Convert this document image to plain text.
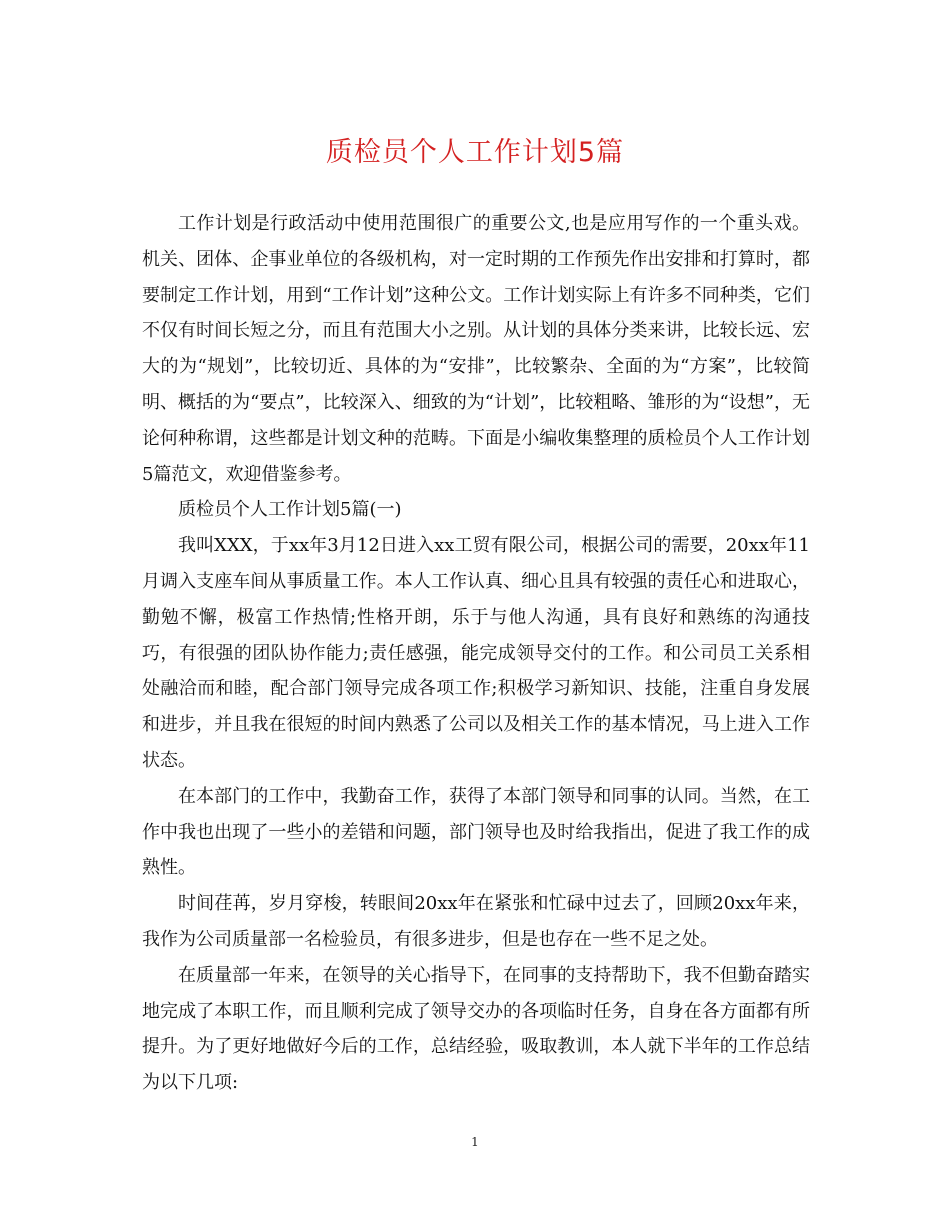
质检员个人工作计划5篇

工作计划是行政活动中使用范围很广的重要公文,也是应用写作的一个重头戏。机关、团体、企事业单位的各级机构，对一定时期的工作预先作出安排和打算时，都要制定工作计划，用到“工作计划”这种公文。工作计划实际上有许多不同种类，它们不仅有时间长短之分，而且有范围大小之别。从计划的具体分类来讲，比较长远、宏大的为“规划”，比较切近、具体的为“安排”，比较繁杂、全面的为“方案”，比较简明、概括的为“要点”，比较深入、细致的为“计划”，比较粗略、雏形的为“设想”，无论何种称谓，这些都是计划文种的范畴。下面是小编收集整理的质检员个人工作计划5篇范文，欢迎借鉴参考。

质检员个人工作计划5篇(一)

我叫XXX，于xx年3月12日进入xx工贸有限公司，根据公司的需要，20xx年11月调入支座车间从事质量工作。本人工作认真、细心且具有较强的责任心和进取心，勤勉不懈，极富工作热情;性格开朗，乐于与他人沟通，具有良好和熟练的沟通技巧，有很强的团队协作能力;责任感强，能完成领导交付的工作。和公司员工关系相处融洽而和睦，配合部门领导完成各项工作;积极学习新知识、技能，注重自身发展和进步，并且我在很短的时间内熟悉了公司以及相关工作的基本情况，马上进入工作状态。

在本部门的工作中，我勤奋工作，获得了本部门领导和同事的认同。当然，在工作中我也出现了一些小的差错和问题，部门领导也及时给我指出，促进了我工作的成熟性。

时间荏苒，岁月穿梭，转眼间20xx年在紧张和忙碌中过去了，回顾20xx年来，我作为公司质量部一名检验员，有很多进步，但是也存在一些不足之处。

在质量部一年来，在领导的关心指导下，在同事的支持帮助下，我不但勤奋踏实地完成了本职工作，而且顺利完成了领导交办的各项临时任务，自身在各方面都有所提升。为了更好地做好今后的工作，总结经验，吸取教训，本人就下半年的工作总结为以下几项:

1
